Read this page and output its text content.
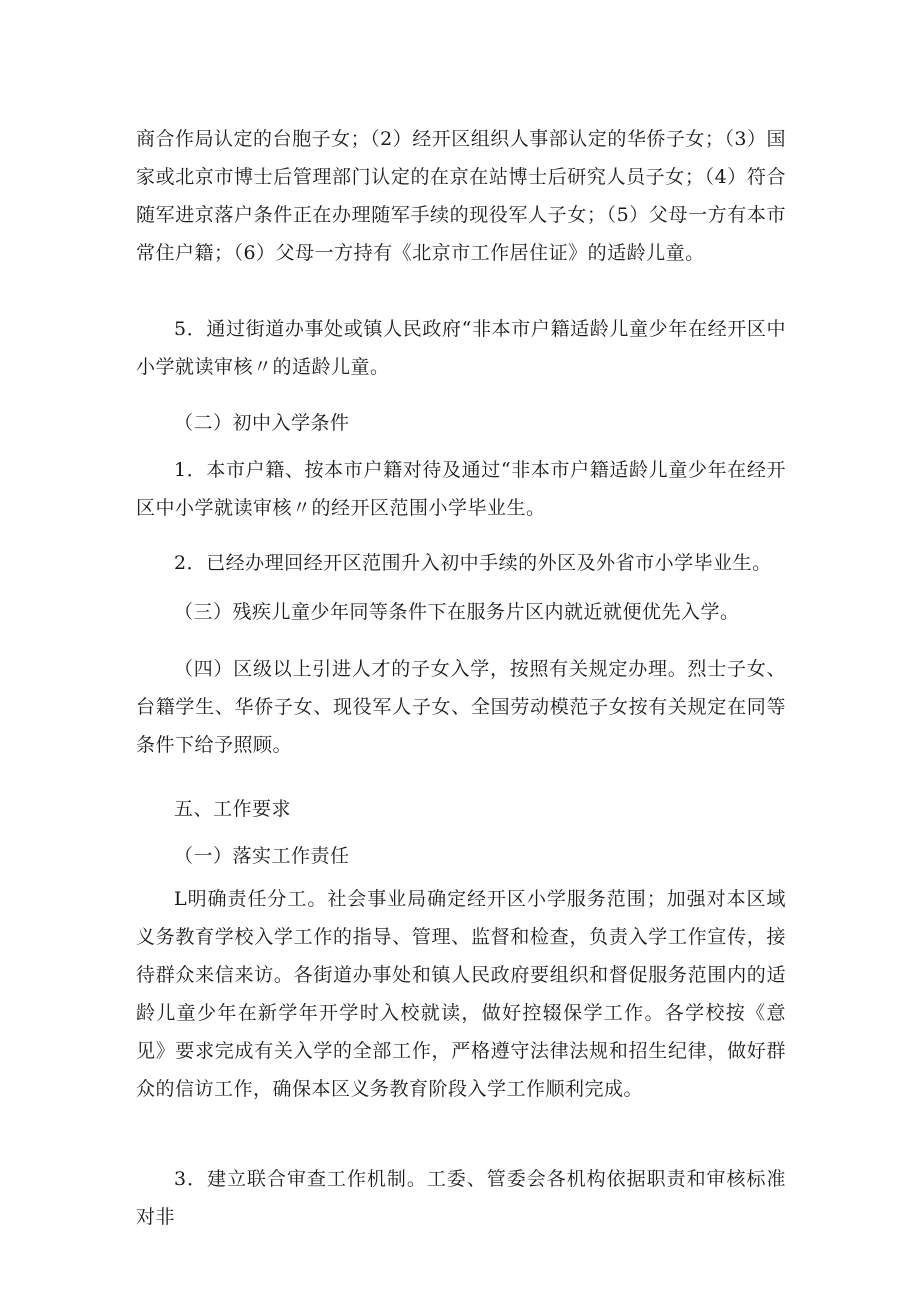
商合作局认定的台胞子女；（2）经开区组织人事部认定的华侨子女；（3）国家或北京市博士后管理部门认定的在京在站博士后研究人员子女；（4）符合随军进京落户条件正在办理随军手续的现役军人子女；（5）父母一方有本市常住户籍；（6）父母一方持有《北京市工作居住证》的适龄儿童。

5．通过街道办事处或镇人民政府“非本市户籍适龄儿童少年在经开区中小学就读审核〃的适龄儿童。

（二）初中入学条件

1．本市户籍、按本市户籍对待及通过“非本市户籍适龄儿童少年在经开区中小学就读审核〃的经开区范围小学毕业生。

2．已经办理回经开区范围升入初中手续的外区及外省市小学毕业生。

（三）残疾儿童少年同等条件下在服务片区内就近就便优先入学。

（四）区级以上引进人才的子女入学，按照有关规定办理。烈士子女、台籍学生、华侨子女、现役军人子女、全国劳动模范子女按有关规定在同等条件下给予照顾。

五、工作要求

（一）落实工作责任

L明确责任分工。社会事业局确定经开区小学服务范围；加强对本区域义务教育学校入学工作的指导、管理、监督和检查，负责入学工作宣传，接待群众来信来访。各街道办事处和镇人民政府要组织和督促服务范围内的适龄儿童少年在新学年开学时入校就读，做好控辍保学工作。各学校按《意见》要求完成有关入学的全部工作，严格遵守法律法规和招生纪律，做好群众的信访工作，确保本区义务教育阶段入学工作顺利完成。

3．建立联合审查工作机制。工委、管委会各机构依据职责和审核标准对非
